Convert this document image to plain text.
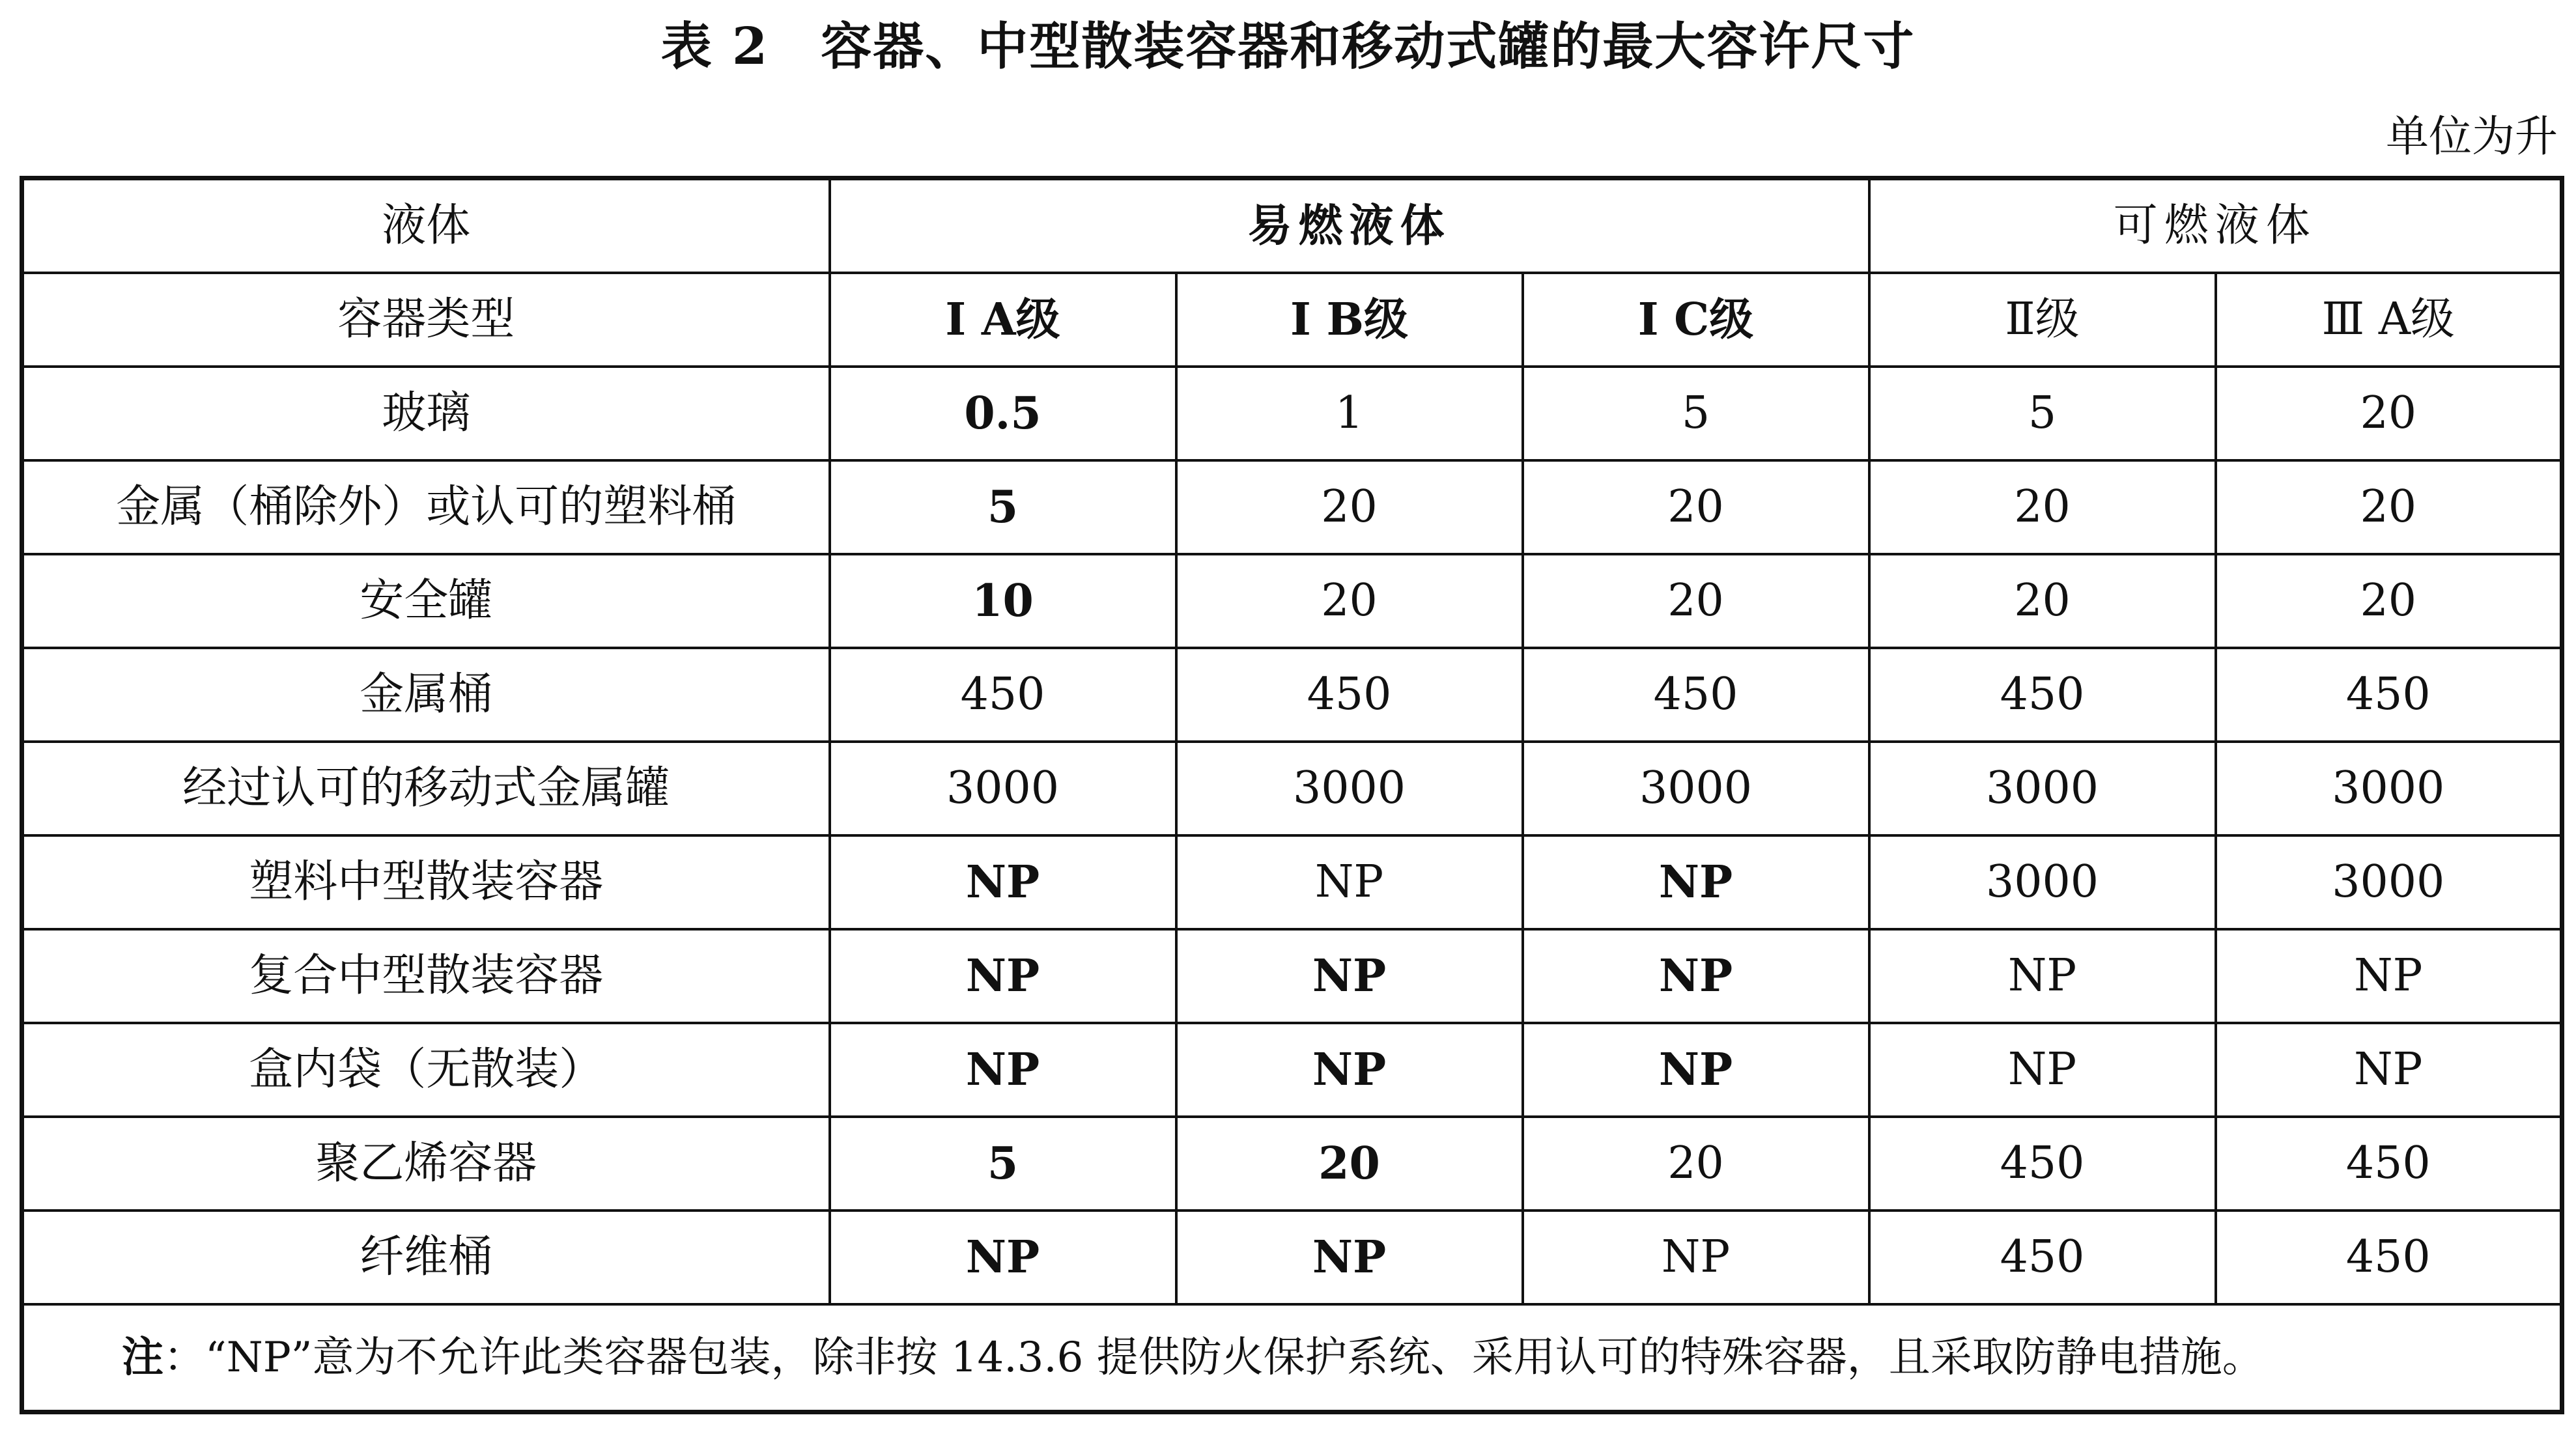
表 2　容器、中型散装容器和移动式罐的最大容许尺寸
单位为升
液体	易燃液体			可燃液体	
容器类型	Ⅰ A级	Ⅰ B级	Ⅰ C级	Ⅱ级	Ⅲ A级
玻璃	0.5	1	5	5	20
金属（桶除外）或认可的塑料桶	5	20	20	20	20
安全罐	10	20	20	20	20
金属桶	450	450	450	450	450
经过认可的移动式金属罐	3000	3000	3000	3000	3000
塑料中型散装容器	NP	NP	NP	3000	3000
复合中型散装容器	NP	NP	NP	NP	NP
盒内袋（无散装）	NP	NP	NP	NP	NP
聚乙烯容器	5	20	20	450	450
纤维桶	NP	NP	NP	450	450
注：“NP”意为不允许此类容器包装，除非按 14.3.6 提供防火保护系统、采用认可的特殊容器，且采取防静电措施。					
